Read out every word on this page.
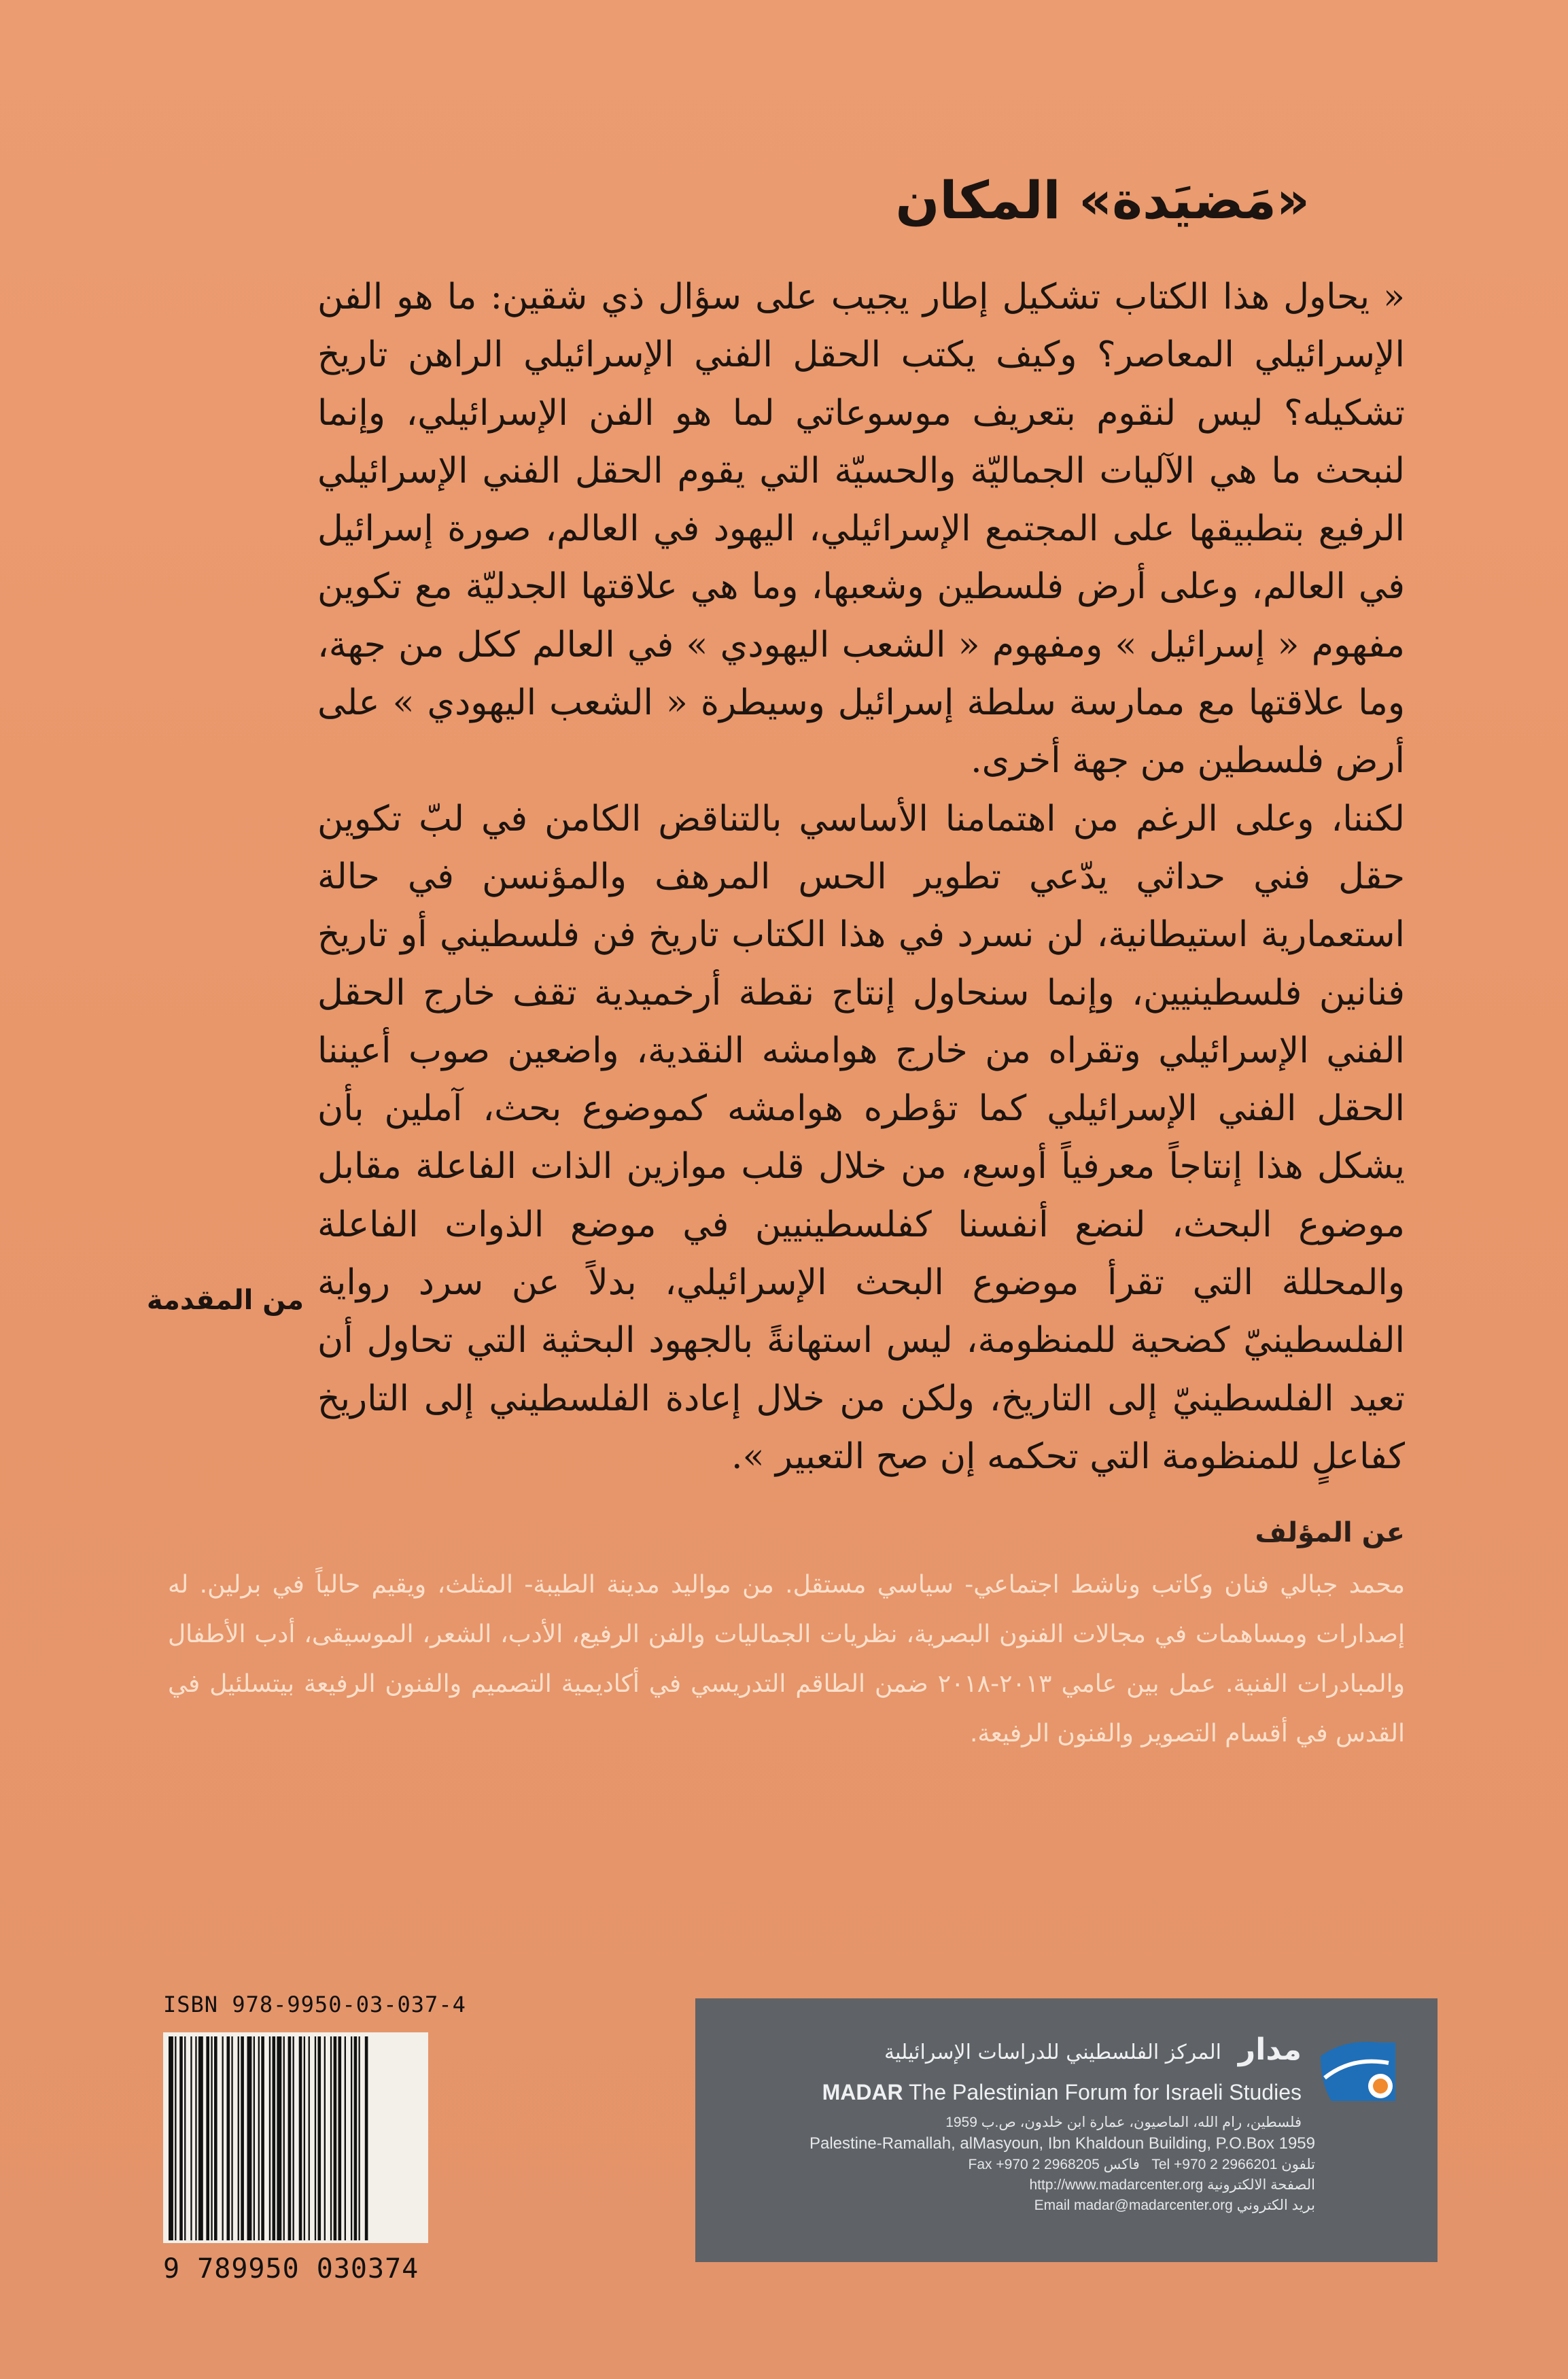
«مَضيَدة» المكان

« يحاول هذا الكتاب تشكيل إطار يجيب على سؤال ذي شقين: ما هو الفن الإسرائيلي المعاصر؟ وكيف يكتب الحقل الفني الإسرائيلي الراهن تاريخ تشكيله؟ ليس لنقوم بتعريف موسوعاتي لما هو الفن الإسرائيلي، وإنما لنبحث ما هي الآليات الجماليّة والحسيّة التي يقوم الحقل الفني الإسرائيلي الرفيع بتطبيقها على المجتمع الإسرائيلي، اليهود في العالم، صورة إسرائيل في العالم، وعلى أرض فلسطين وشعبها، وما هي علاقتها الجدليّة مع تكوين مفهوم « إسرائيل » ومفهوم « الشعب اليهودي » في العالم ككل من جهة، وما علاقتها مع ممارسة سلطة إسرائيل وسيطرة « الشعب اليهودي » على أرض فلسطين من جهة أخرى.

لكننا، وعلى الرغم من اهتمامنا الأساسي بالتناقض الكامن في لبّ تكوين حقل فني حداثي يدّعي تطوير الحس المرهف والمؤنسن في حالة استعمارية استيطانية، لن نسرد في هذا الكتاب تاريخ فن فلسطيني أو تاريخ فنانين فلسطينيين، وإنما سنحاول إنتاج نقطة أرخميدية تقف خارج الحقل الفني الإسرائيلي وتقراه من خارج هوامشه النقدية، واضعين صوب أعيننا الحقل الفني الإسرائيلي كما تؤطره هوامشه كموضوع بحث، آملين بأن يشكل هذا إنتاجاً معرفياً أوسع، من خلال قلب موازين الذات الفاعلة مقابل موضوع البحث، لنضع أنفسنا كفلسطينيين في موضع الذوات الفاعلة والمحللة التي تقرأ موضوع البحث الإسرائيلي، بدلاً عن سرد رواية الفلسطينيّ كضحية للمنظومة، ليس استهانةً بالجهود البحثية التي تحاول أن تعيد الفلسطينيّ إلى التاريخ، ولكن من خلال إعادة الفلسطيني إلى التاريخ كفاعلٍ للمنظومة التي تحكمه إن صح التعبير ».

من المقدمة
عن المؤلف

محمد جبالي فنان وكاتب وناشط اجتماعي- سياسي مستقل. من مواليد مدينة الطيبة- المثلث، ويقيم حالياً في برلين. له إصدارات ومساهمات في مجالات الفنون البصرية، نظريات الجماليات والفن الرفيع، الأدب، الشعر، الموسيقى، أدب الأطفال والمبادرات الفنية. عمل بين عامي ٢٠١٣-٢٠١٨ ضمن الطاقم التدريسي في أكاديمية التصميم والفنون الرفيعة بيتسلئيل في القدس في أقسام التصوير والفنون الرفيعة.

ISBN 978-9950-03-037-4
9 789950 030374
مدار
المركز الفلسطيني للدراسات الإسرائيلية
MADAR The Palestinian Forum for Israeli Studies
فلسطين، رام الله، الماصيون، عمارة ابن خلدون، ص.ب 1959
Palestine-Ramallah, alMasyoun, Ibn Khaldoun Building, P.O.Box 1959
Fax +970 2 2968205 فاكس Tel +970 2 2966201 تلفون
http://www.madarcenter.org الصفحة الالكترونية
Email madar@madarcenter.org بريد الكتروني
